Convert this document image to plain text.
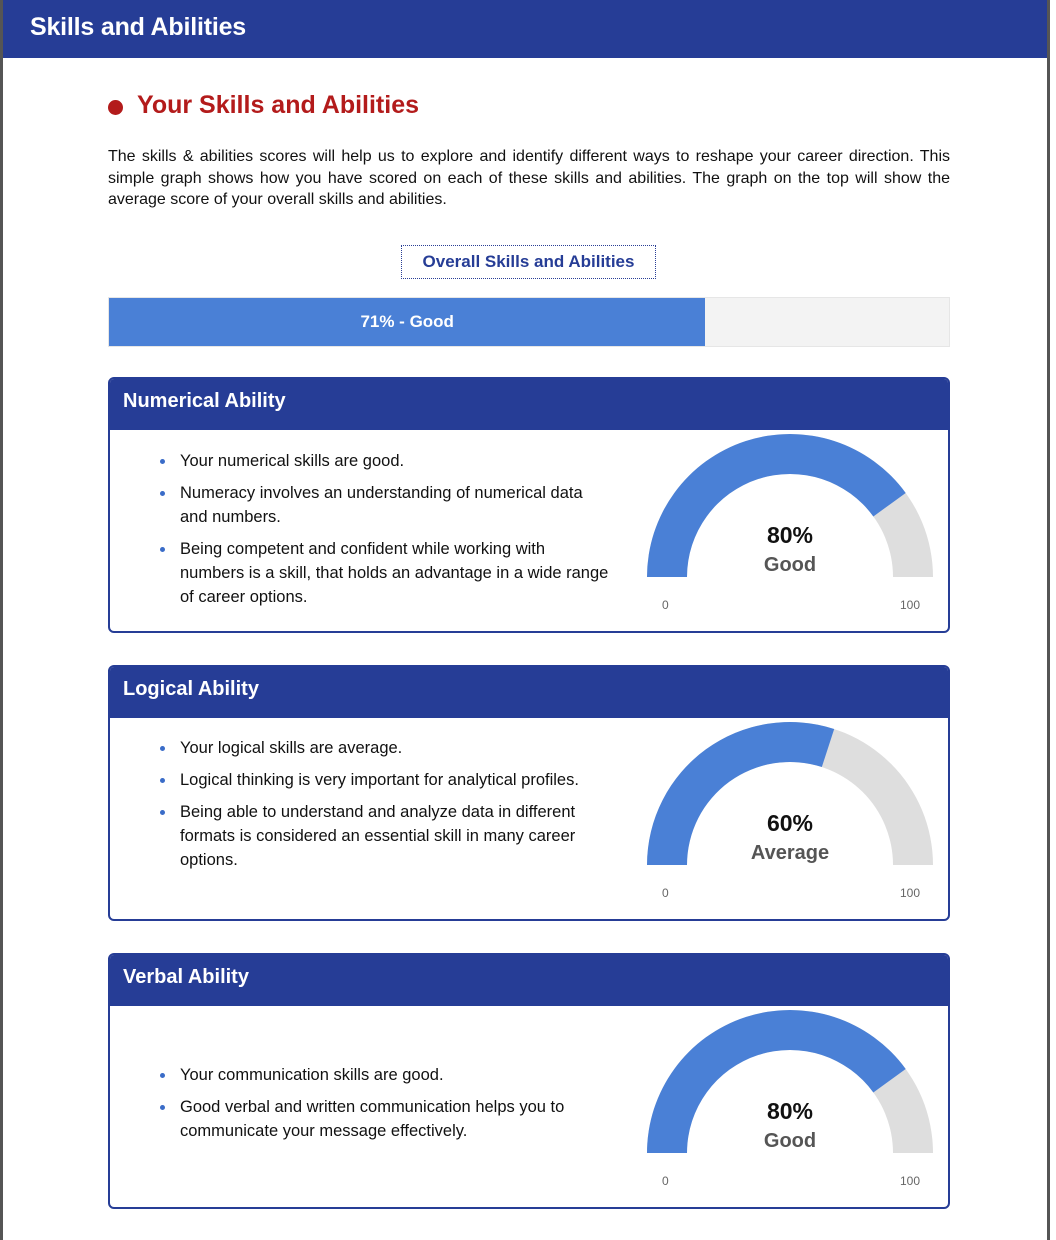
Skills and Abilities
Your Skills and Abilities

The skills & abilities scores will help us to explore and identify different ways to reshape your career direction. This simple graph shows how you have scored on each of these skills and abilities. The graph on the top will show the average score of your overall skills and abilities.

Overall Skills and Abilities
71% - Good
Numerical Ability
Your numerical skills are good.
Numeracy involves an understanding of numerical data and numbers.
Being competent and confident while working with numbers is a skill, that holds an advantage in a wide range of career options.
80%
Good
0	100
Logical Ability
Your logical skills are average.
Logical thinking is very important for analytical profiles.
Being able to understand and analyze data in different formats is considered an essential skill in many career options.
60%
Average
0	100
Verbal Ability
Your communication skills are good.
Good verbal and written communication helps you to communicate your message effectively.
80%
Good
0	100
